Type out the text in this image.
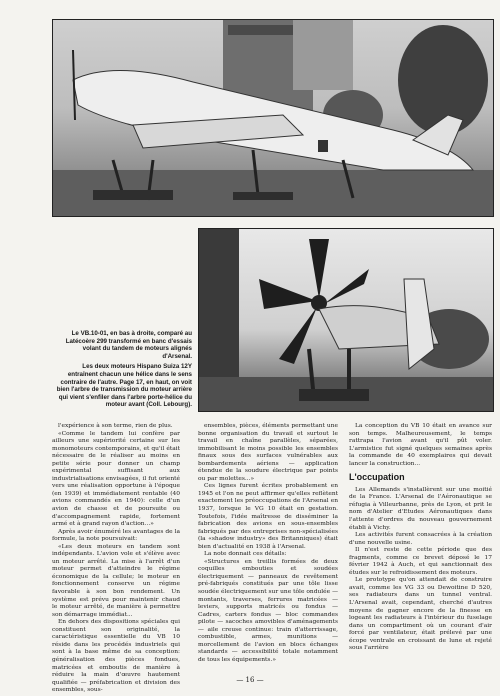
Le VB.10-01, en bas à droite, comparé au Latécoère 299 transformé en banc d'essais volant du tandem de moteurs alignés d'Arsenal.

Les deux moteurs Hispano Suiza 12Y entraînent chacun une hélice dans le sens contraire de l'autre. Page 17, en haut, on voit bien l'arbre de transmission du moteur arrière qui vient s'enfiler dans l'arbre porte-hélice du moteur avant (Coll. Lebourg).

l'expérience à son terme, rien de plus.

«Comme le tandem lui confère par ailleurs une supériorité certaine sur les monomoteurs contemporains, et qu'il était nécessaire de le réaliser au moins en petite série pour donner un champ expérimental suffisant aux industrialisations envisagées, il fut orienté vers une réalisation opportune à l'époque (en 1939) et immédiatement rentable (40 avions commandés en 1940): celle d'un avion de chasse et de poursuite ou d'accompagnement rapide, fortement armé et à grand rayon d'action...»

Après avoir énuméré les avantages de la formule, la note poursuivait:

«Les deux moteurs en tandem sont indépendants. L'avion vole et s'élève avec un moteur arrêté. La mise à l'arrêt d'un moteur permet d'atteindre le régime économique de la cellule; le moteur en fonctionnement conserve un régime favorable à son bon rendement. Un système est prévu pour maintenir chaud le moteur arrêté, de manière à permettre son démarrage immédiat...

En dehors des dispositions spéciales qui constituent son originalité, la caractéristique essentielle du VB 10 réside dans les procédés industriels qui sont à la base même de sa conception: généralisation des pièces fondues, matricées et emboutis de manière à réduire la main d'œuvre hautement qualifiée — préfabrication et division des ensembles, sous-

ensembles, pièces, éléments permettant une bonne organisation du travail et surtout le travail en chaîne parallèles, séparées, immobilisant le moins possible les ensembles finaux sous des surfaces vulnérables aux bombardements aériens — application étendue de la soudure électrique par points ou par molettes...»

Ces lignes furent écrites probablement en 1945 et l'on ne peut affirmer qu'elles reflètent exactement les préoccupations de l'Arsenal en 1937, lorsque le VG 10 était en gestation. Toutefois, l'idée maîtresse de disséminer la fabrication des avions en sous-ensembles fabriqués par des entreprises non-spécialisées (la «shadow industry» des Britanniques) était bien d'actualité en 1938 à l'Arsenal.

La note donnait ces détails:

«Structures en treillis formées de deux coquilles embouties et soudées électriquement — panneaux de revêtement pré-fabriqués constitués par une tôle lisse soudée électriquement sur une tôle ondulée — montants, traverses, ferrures matricées — leviers, supports matricés ou fondus — Cadres, carters fondus — bloc commandes pilote — sacoches amovibles d'aménagements — aile creuse continue: train d'atterrissage, combustible, armes, munitions — morcellement de l'avion en blocs échanges standards — accessibilité totale notamment de tous les équipements.»

La conception du VB 10 était en avance sur son temps. Malheureusement, le temps rattrapa l'avion avant qu'il pût voler. L'armistice fut signé quelques semaines après la commande de 40 exemplaires qui devait lancer la construction...

L'occupation

Les Allemands s'installèrent sur une moitié de la France. L'Arsenal de l'Aéronautique se réfugia à Villeurbanne, près de Lyon, et prit le nom d'Atelier d'Etudes Aéronautiques dans l'attente d'ordres du nouveau gouvernement établi à Vichy.

Les activités furent consacrées à la création d'une nouvelle usine.

Il n'est reste de cette période que des fragments, comme ce brevet déposé le 17 février 1942 à Auch, et qui sanctionnait des études sur le refroidissement des moteurs.

Le prototype qu'on attendait de construire avait, comme les VG 33 ou Dewoitine D 520, ses radiateurs dans un tunnel ventral. L'Arsenal avait, cependant, cherché d'autres moyens de gagner encore de la finesse en logeant les radiateurs à l'intérieur du fuselage dans un compartiment où un courant d'air forcé par ventilateur, était prélevé par une écope ventrale en croissant de lune et rejeté sous l'arrière

— 16 —
